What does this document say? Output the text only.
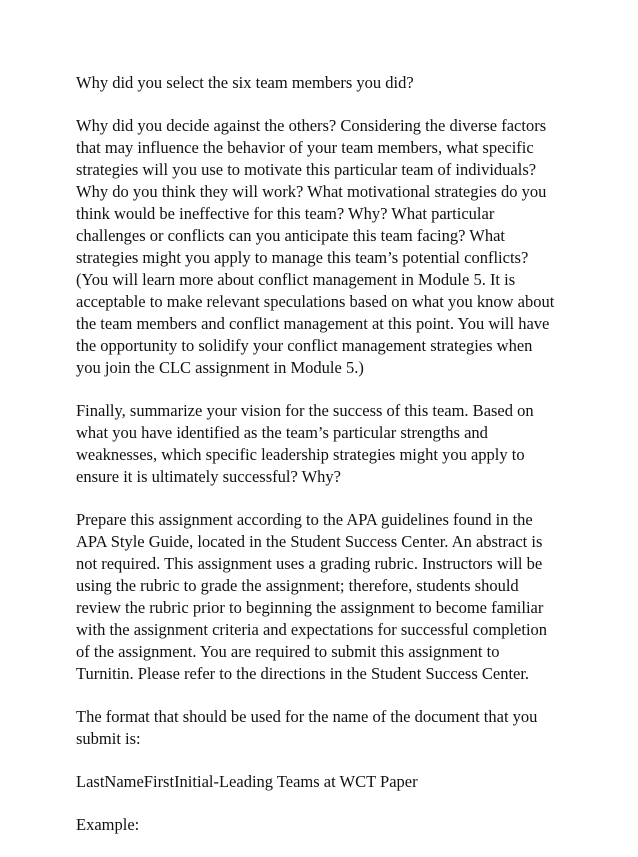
Why did you select the six team members you did?

Why did you decide against the others? Considering the diverse factors
that may influence the behavior of your team members, what specific
strategies will you use to motivate this particular team of individuals?
Why do you think they will work? What motivational strategies do you
think would be ineffective for this team? Why? What particular
challenges or conflicts can you anticipate this team facing? What
strategies might you apply to manage this team’s potential conflicts?
(You will learn more about conflict management in Module 5. It is
acceptable to make relevant speculations based on what you know about
the team members and conflict management at this point. You will have
the opportunity to solidify your conflict management strategies when
you join the CLC assignment in Module 5.)

Finally, summarize your vision for the success of this team. Based on
what you have identified as the team’s particular strengths and
weaknesses, which specific leadership strategies might you apply to
ensure it is ultimately successful? Why?

Prepare this assignment according to the APA guidelines found in the
APA Style Guide, located in the Student Success Center. An abstract is
not required. This assignment uses a grading rubric. Instructors will be
using the rubric to grade the assignment; therefore, students should
review the rubric prior to beginning the assignment to become familiar
with the assignment criteria and expectations for successful completion
of the assignment. You are required to submit this assignment to
Turnitin. Please refer to the directions in the Student Success Center.

The format that should be used for the name of the document that you
submit is:

LastNameFirstInitial-Leading Teams at WCT Paper

Example:
